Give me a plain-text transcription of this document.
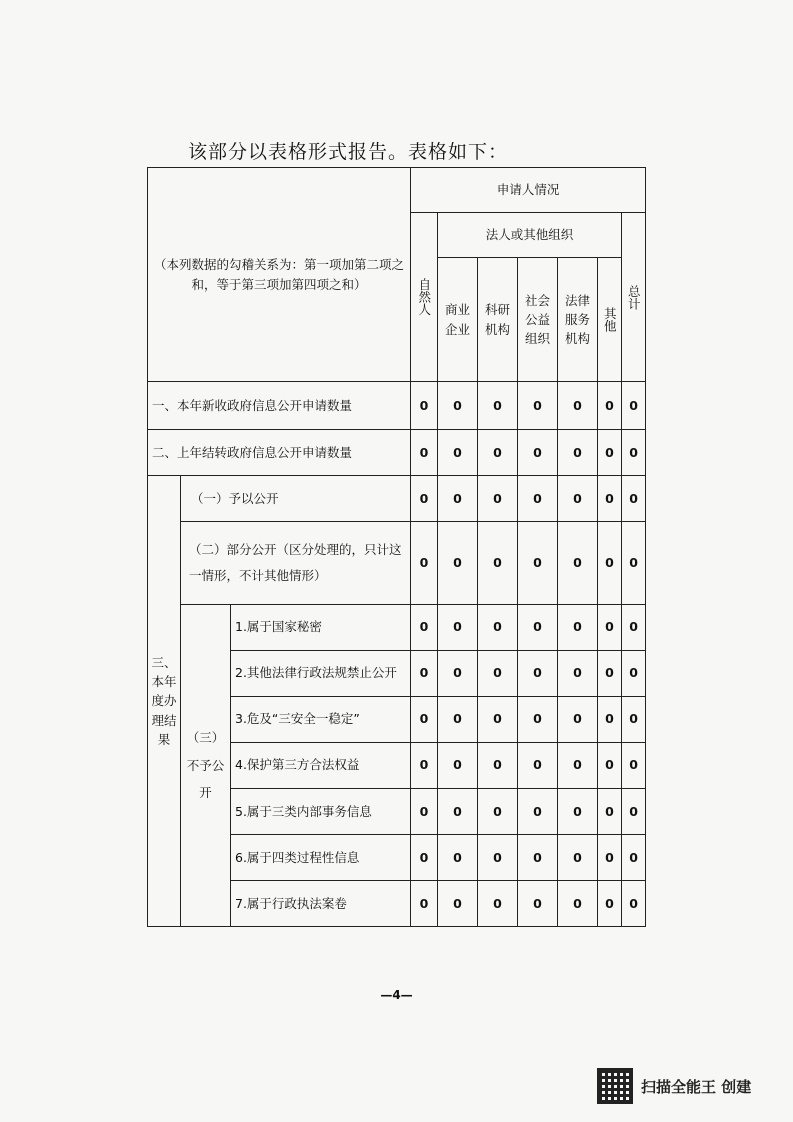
该部分以表格形式报告。表格如下：
（本列数据的勾稽关系为：第一项加第二项之和，等于第三项加第四项之和）			申请人情况						
			自然人	法人或其他组织					总计
				商业企业	科研机构	社会公益组织	法律服务机构	其他	
一、本年新收政府信息公开申请数量			0	0	0	0	0	0	0
二、上年结转政府信息公开申请数量			0	0	0	0	0	0	0
三、本年度办理结果	（一）予以公开		0	0	0	0	0	0	0
	（二）部分公开（区分处理的，只计这一情形，不计其他情形）		0	0	0	0	0	0	0
	（三）不予公开	1.属于国家秘密	0	0	0	0	0	0	0
		2.其他法律行政法规禁止公开	0	0	0	0	0	0	0
		3.危及“三安全一稳定”	0	0	0	0	0	0	0
		4.保护第三方合法权益	0	0	0	0	0	0	0
		5.属于三类内部事务信息	0	0	0	0	0	0	0
		6.属于四类过程性信息	0	0	0	0	0	0	0
		7.属于行政执法案卷	0	0	0	0	0	0	0
—4—
扫描全能王 创建
